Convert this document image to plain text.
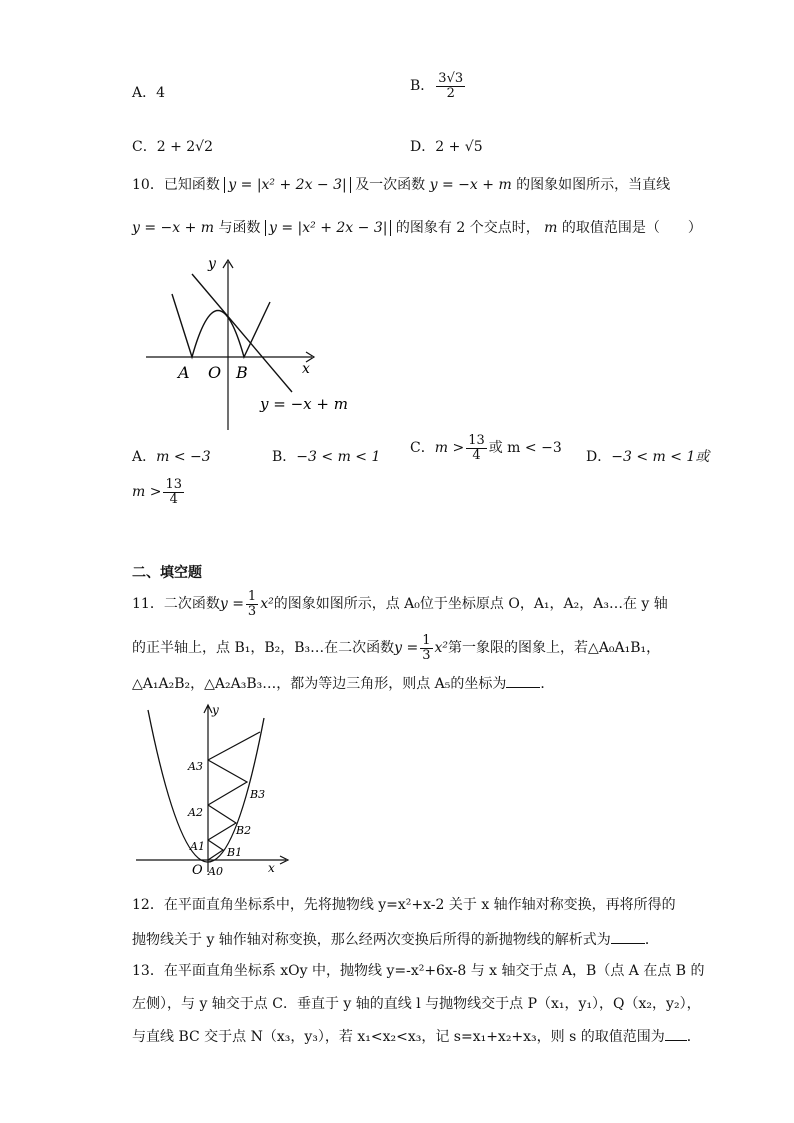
A．4	B． $\frac{3√3}{2}$
C．2 + 2√2	D．2 + √5
10．已知函数 y = |x² + 2x − 3| 及一次函数 y = −x + m 的图象如图所示，当直线
y = −x + m 与函数 y = |x² + 2x − 3| 的图象有 2 个交点时， m 的取值范围是（　　）
y
x
A O B
y = −x + m
A．m < −3	B．−3 < m < 1
C．$m > \frac{13}{4}$ 或 m < −3
D．−3 < m < 1或
$m > \frac{13}{4}$
二、填空题
11．二次函数$y = \frac{1}{3} x^2$的图象如图所示，点 A₀位于坐标原点 O，A₁，A₂，A₃…在 y 轴
的正半轴上，点 B₁，B₂，B₃…在二次函数$y = \frac{1}{3} x^2$第一象限的图象上，若△A₀A₁B₁，
△A₁A₂B₂，△A₂A₃B₃…，都为等边三角形，则点 A₅的坐标为 ．
y
x
O A0
A1
A2
A3
B1
B2
B3
12．在平面直角坐标系中，先将抛物线 y=x²+x-2 关于 x 轴作轴对称变换，再将所得的
抛物线关于 y 轴作轴对称变换，那么经两次变换后所得的新抛物线的解析式为 ．
13．在平面直角坐标系 xOy 中，抛物线 y=-x²+6x-8 与 x 轴交于点 A，B（点 A 在点 B 的
左侧），与 y 轴交于点 C．垂直于 y 轴的直线 l 与抛物线交于点 P（x₁，y₁），Q（x₂，y₂），
与直线 BC 交于点 N（x₃，y₃），若 x₁<x₂<x₃，记 s=x₁+x₂+x₃，则 s 的取值范围为 ．
